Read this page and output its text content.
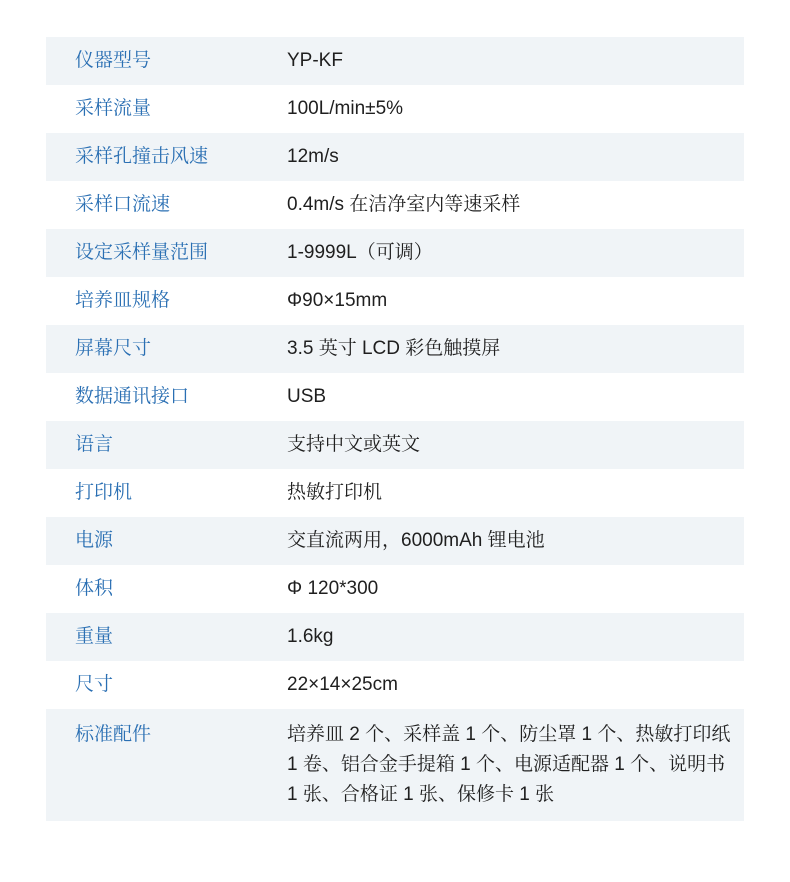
仪器型号	YP-KF
采样流量	100L/min±5%
采样孔撞击风速	12m/s
采样口流速	0.4m/s 在洁净室内等速采样
设定采样量范围	1-9999L（可调）
培养皿规格	Φ90×15mm
屏幕尺寸	3.5 英寸 LCD 彩色触摸屏
数据通讯接口	USB
语言	支持中文或英文
打印机	热敏打印机
电源	交直流两用，6000mAh 锂电池
体积	Φ 120*300
重量	1.6kg
尺寸	22×14×25cm
标准配件	培养皿 2 个、采样盖 1 个、防尘罩 1 个、热敏打印纸 1 卷、铝合金手提箱 1 个、电源适配器 1 个、说明书 1 张、合格证 1 张、保修卡 1 张
